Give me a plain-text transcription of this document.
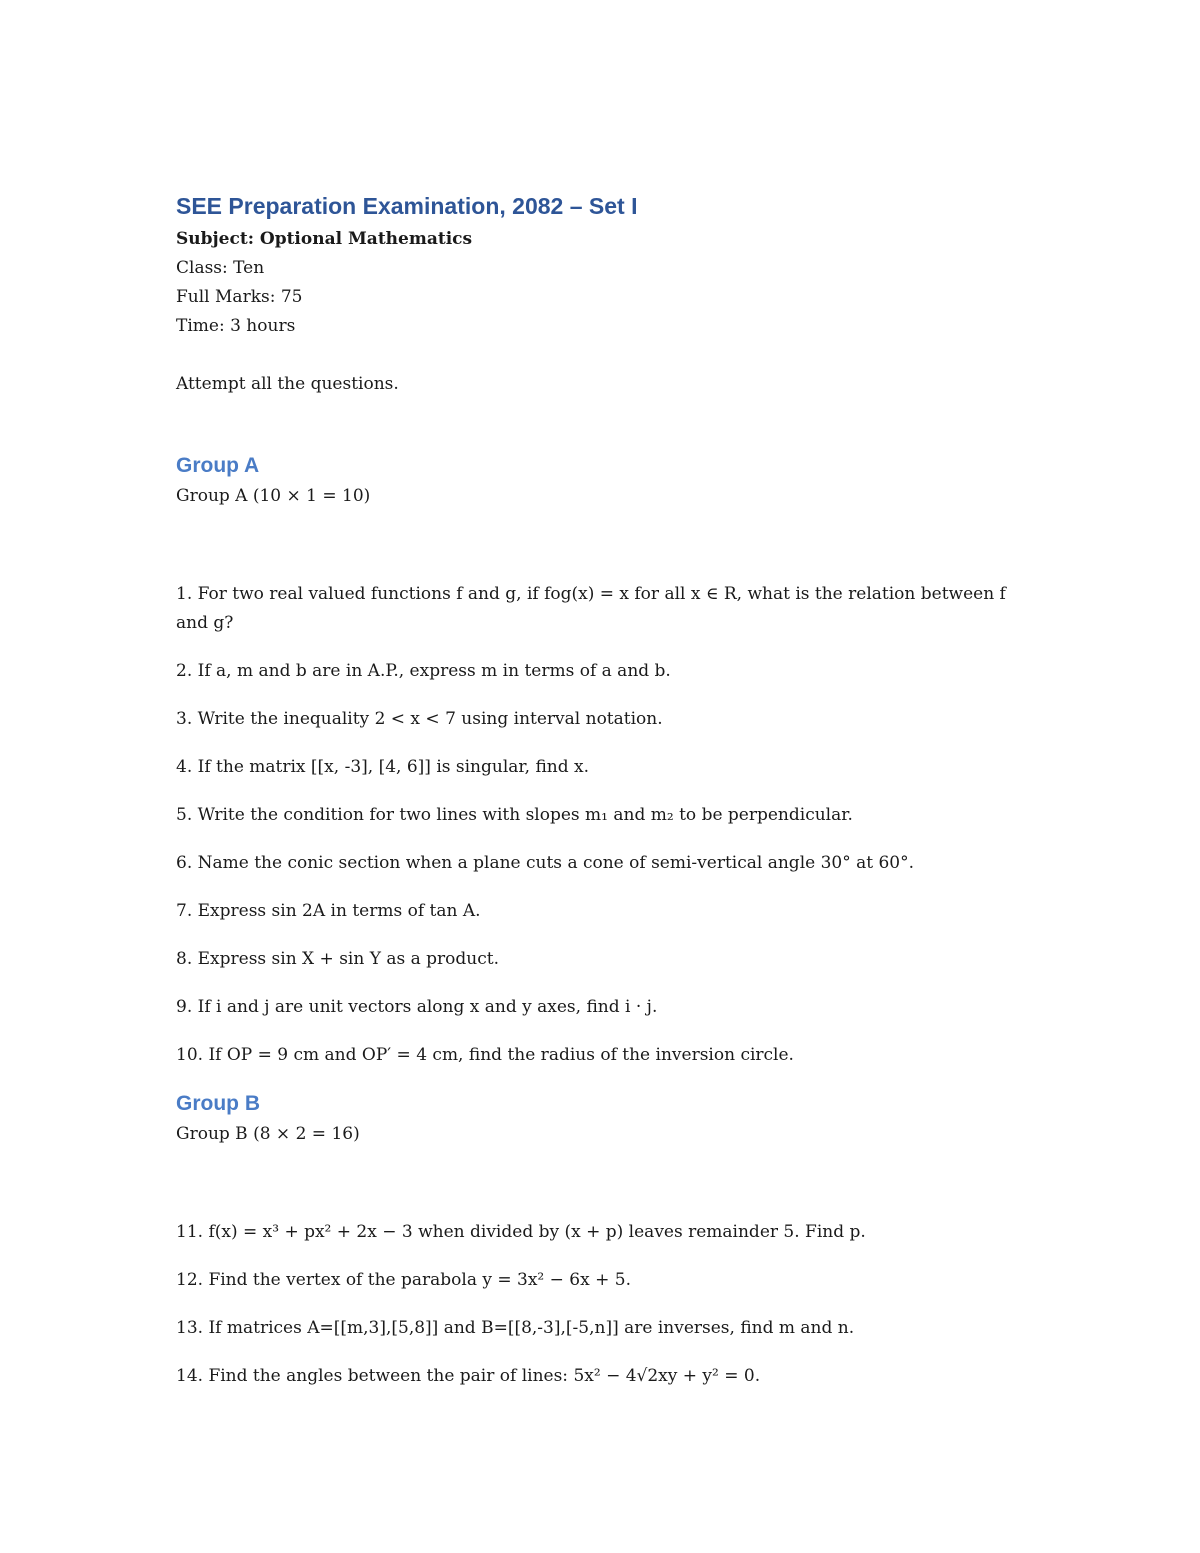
SEE Preparation Examination, 2082 – Set I

Subject: Optional Mathematics

Class: Ten

Full Marks: 75

Time: 3 hours

Attempt all the questions.

Group A

Group A (10 × 1 = 10)

1. For two real valued functions f and g, if fog(x) = x for all x ∈ R, what is the relation between f and g?
2. If a, m and b are in A.P., express m in terms of a and b.
3. Write the inequality 2 < x < 7 using interval notation.
4. If the matrix [[x, -3], [4, 6]] is singular, find x.
5. Write the condition for two lines with slopes m₁ and m₂ to be perpendicular.
6. Name the conic section when a plane cuts a cone of semi-vertical angle 30° at 60°.
7. Express sin 2A in terms of tan A.
8. Express sin X + sin Y as a product.
9. If i and j are unit vectors along x and y axes, find i · j.
10. If OP = 9 cm and OP′ = 4 cm, find the radius of the inversion circle.
Group B

Group B (8 × 2 = 16)

11. f(x) = x³ + px² + 2x − 3 when divided by (x + p) leaves remainder 5. Find p.
12. Find the vertex of the parabola y = 3x² − 6x + 5.
13. If matrices A=[[m,3],[5,8]] and B=[[8,-3],[-5,n]] are inverses, find m and n.
14. Find the angles between the pair of lines: 5x² − 4√2xy + y² = 0.
